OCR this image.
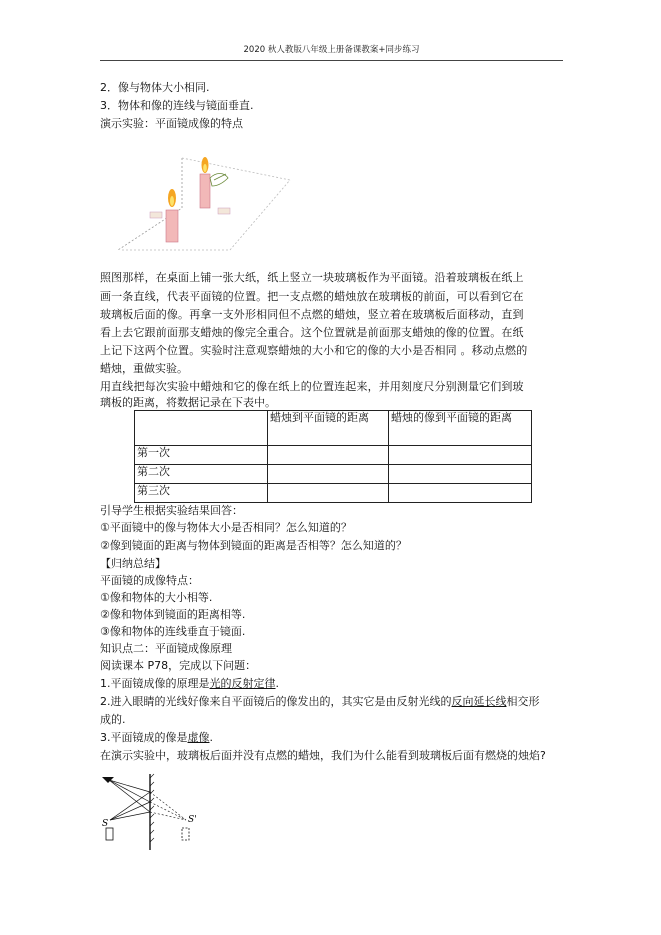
2020 秋人教版八年级上册备课教案+同步练习
2．像与物体大小相同.
3．物体和像的连线与镜面垂直.
演示实验：平面镜成像的特点
照图那样，在桌面上铺一张大纸，纸上竖立一块玻璃板作为平面镜。沿着玻璃板在纸上
画一条直线，代表平面镜的位置。把一支点燃的蜡烛放在玻璃板的前面，可以看到它在
玻璃板后面的像。再拿一支外形相同但不点燃的蜡烛，竖立着在玻璃板后面移动，直到
看上去它跟前面那支蜡烛的像完全重合。这个位置就是前面那支蜡烛的像的位置。在纸
上记下这两个位置。实验时注意观察蜡烛的大小和它的像的大小是否相同 。移动点燃的
蜡烛，重做实验。
用直线把每次实验中蜡烛和它的像在纸上的位置连起来，并用刻度尺分别测量它们到玻
璃板的距离，将数据记录在下表中。
	蜡烛到平面镜的距离	蜡烛的像到平面镜的距离
第一次		
第二次		
第三次		
引导学生根据实验结果回答：
①平面镜中的像与物体大小是否相同？怎么知道的？
②像到镜面的距离与物体到镜面的距离是否相等？怎么知道的？
【归纳总结】
平面镜的成像特点：
①像和物体的大小相等.
②像和物体到镜面的距离相等.
③像和物体的连线垂直于镜面.
知识点二：平面镜成像原理
阅读课本 P78，完成以下问题：
1.平面镜成像的原理是光的反射定律.
2.进入眼睛的光线好像来自平面镜后的像发出的，其实它是由反射光线的反向延长线相交形
成的.
3.平面镜成的像是虚像.
在演示实验中，玻璃板后面并没有点燃的蜡烛，我们为什么能看到玻璃板后面有燃烧的烛焰?
S	S'
